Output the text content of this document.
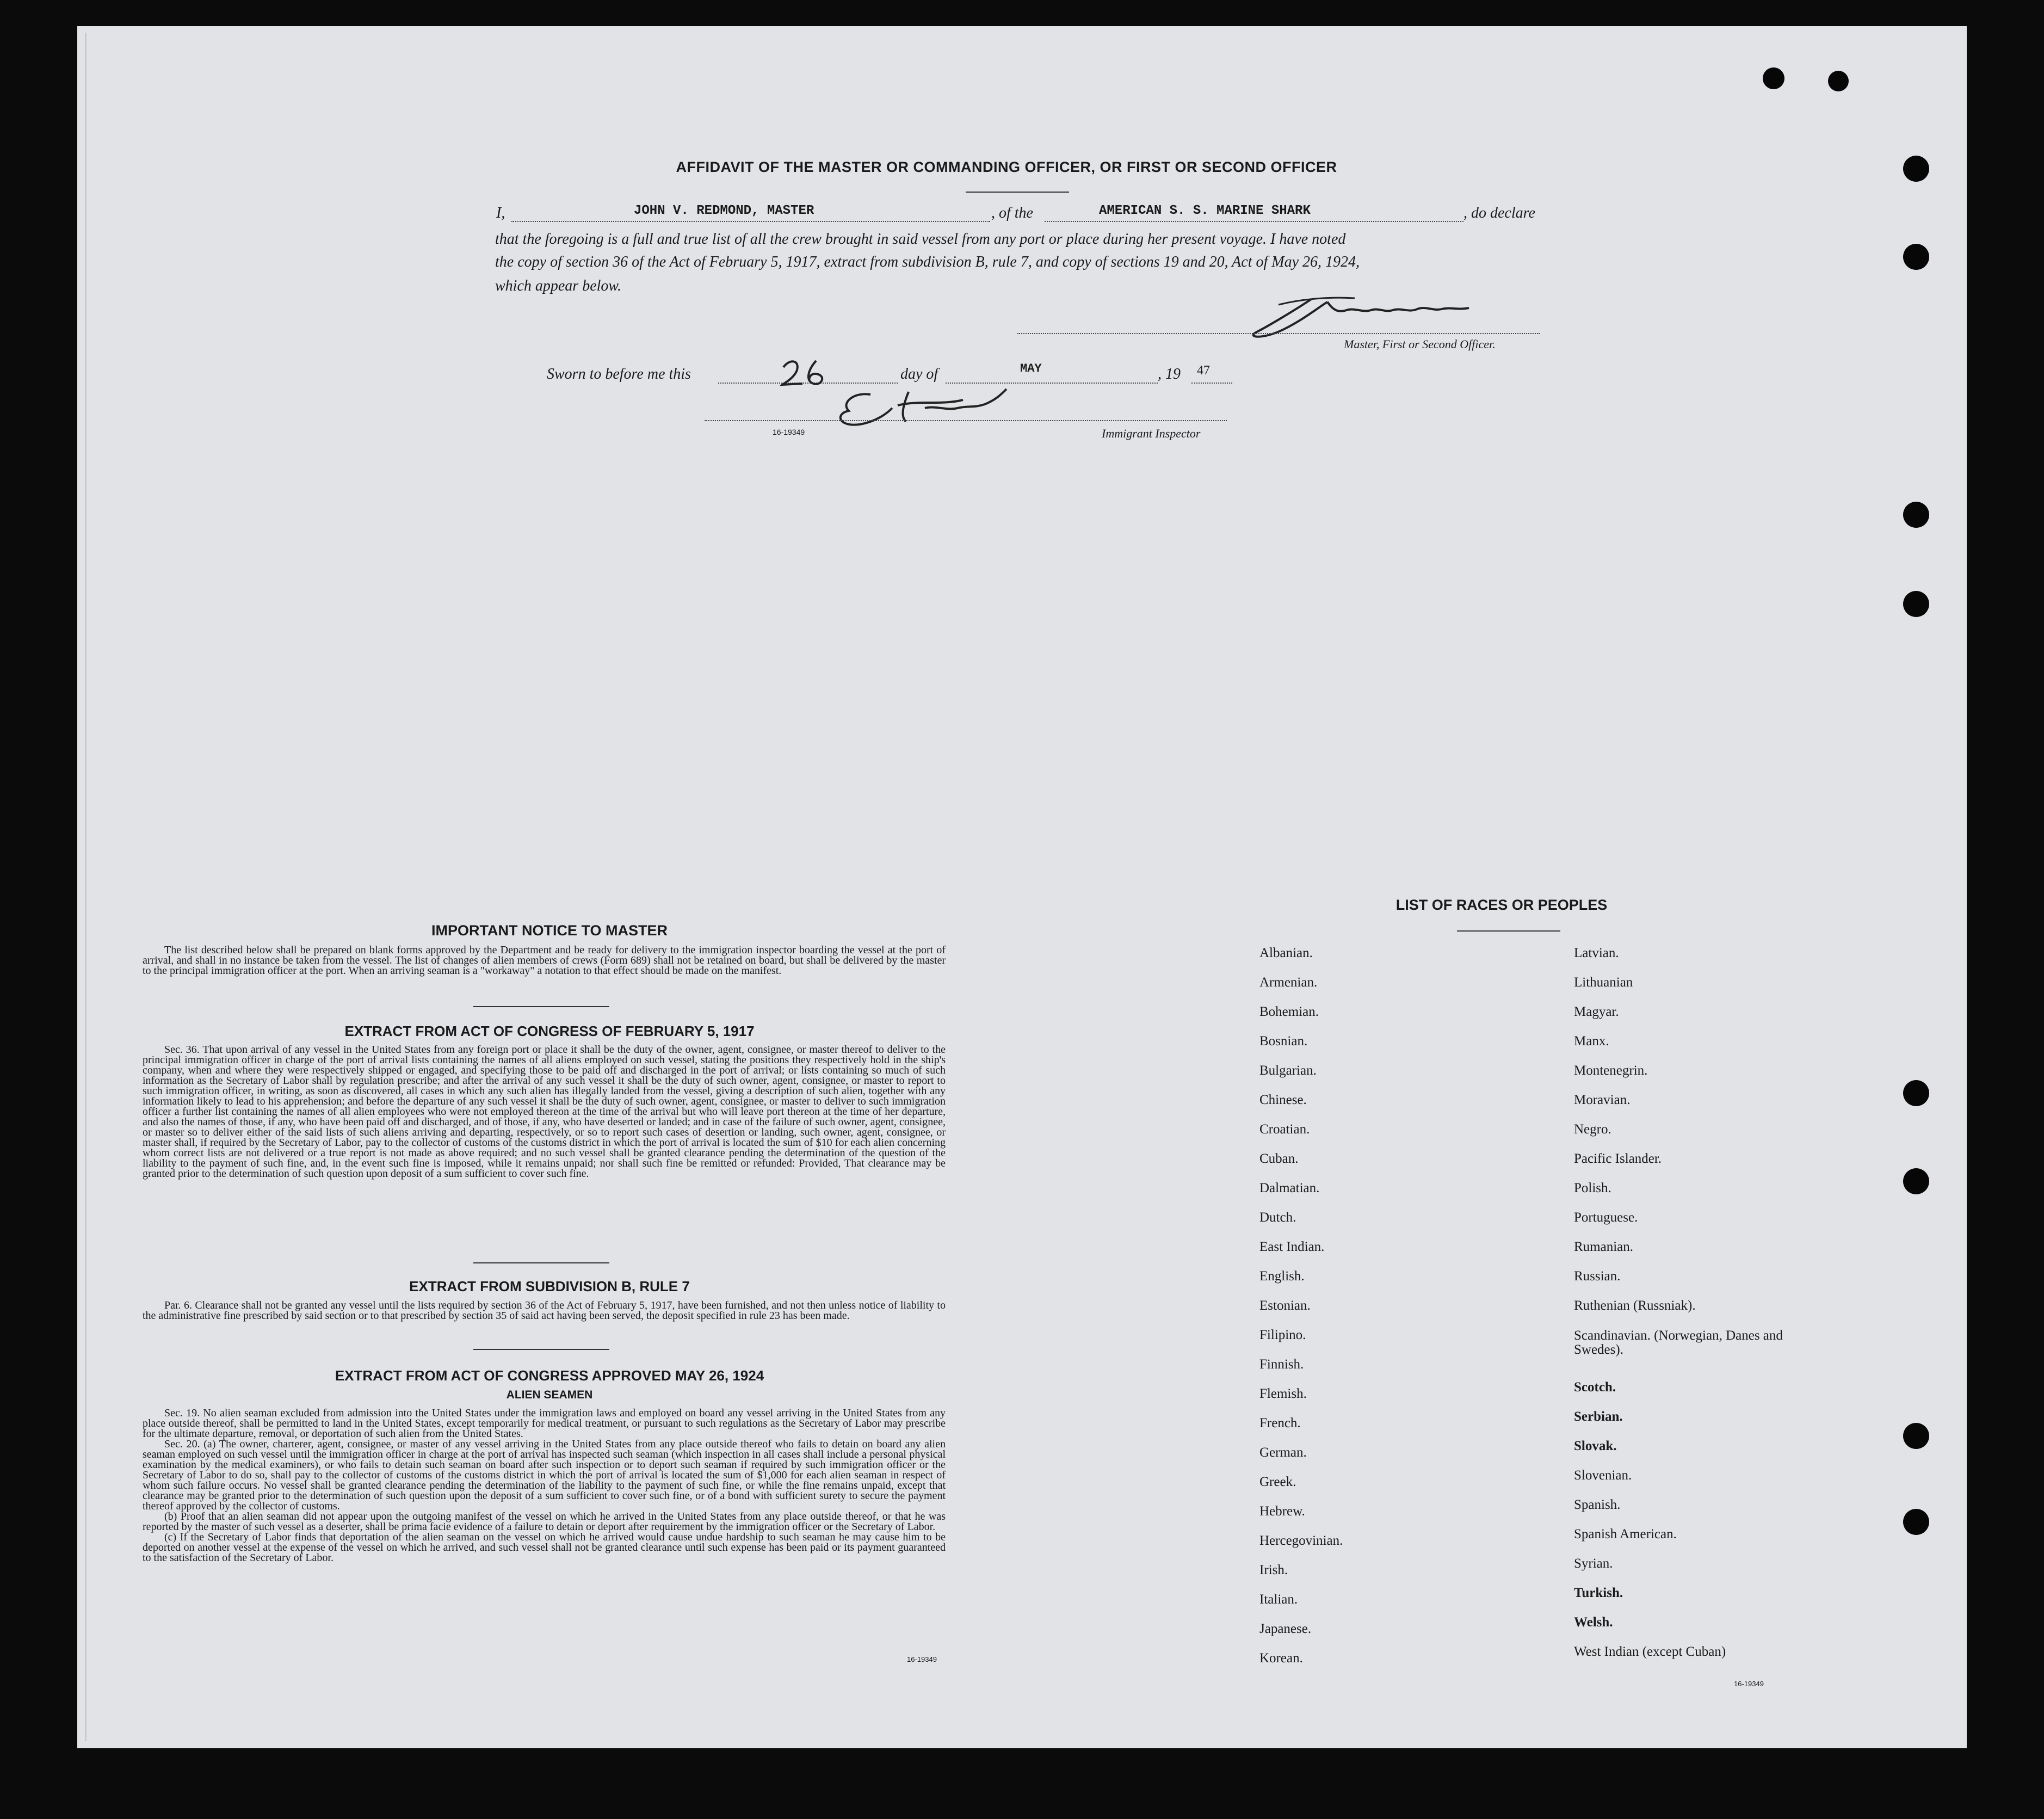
AFFIDAVIT OF THE MASTER OR COMMANDING OFFICER, OR FIRST OR SECOND OFFICER
I,	JOHN V. REDMOND, MASTER	, of the	AMERICAN S. S. MARINE SHARK	, do declare
that the foregoing is a full and true list of all the crew brought in said vessel from any port or place during her present voyage. I have noted
the copy of section 36 of the Act of February 5, 1917, extract from subdivision B, rule 7, and copy of sections 19 and 20, Act of May 26, 1924,
which appear below.
Master, First or Second Officer.
Sworn to before me this	day of	MAY	, 19 47
16-19349	Immigrant Inspector
IMPORTANT NOTICE TO MASTER

The list described below shall be prepared on blank forms approved by the Department and be ready for delivery to the immigration inspector boarding the vessel at the port of arrival, and shall in no instance be taken from the vessel. The list of changes of alien members of crews (Form 689) shall not be retained on board, but shall be delivered by the master to the principal immigration officer at the port. When an arriving seaman is a "workaway" a notation to that effect should be made on the manifest.

EXTRACT FROM ACT OF CONGRESS OF FEBRUARY 5, 1917

Sec. 36. That upon arrival of any vessel in the United States from any foreign port or place it shall be the duty of the owner, agent, consignee, or master thereof to deliver to the principal immigration officer in charge of the port of arrival lists containing the names of all aliens employed on such vessel, stating the positions they respectively hold in the ship's company, when and where they were respectively shipped or engaged, and specifying those to be paid off and discharged in the port of arrival; or lists containing so much of such information as the Secretary of Labor shall by regulation prescribe; and after the arrival of any such vessel it shall be the duty of such owner, agent, consignee, or master to report to such immigration officer, in writing, as soon as discovered, all cases in which any such alien has illegally landed from the vessel, giving a description of such alien, together with any information likely to lead to his apprehension; and before the departure of any such vessel it shall be the duty of such owner, agent, consignee, or master to deliver to such immigration officer a further list containing the names of all alien employees who were not employed thereon at the time of the arrival but who will leave port thereon at the time of her departure, and also the names of those, if any, who have been paid off and discharged, and of those, if any, who have deserted or landed; and in case of the failure of such owner, agent, consignee, or master so to deliver either of the said lists of such aliens arriving and departing, respectively, or so to report such cases of desertion or landing, such owner, agent, consignee, or master shall, if required by the Secretary of Labor, pay to the collector of customs of the customs district in which the port of arrival is located the sum of $10 for each alien concerning whom correct lists are not delivered or a true report is not made as above required; and no such vessel shall be granted clearance pending the determination of the question of the liability to the payment of such fine, and, in the event such fine is imposed, while it remains unpaid; nor shall such fine be remitted or refunded: Provided, That clearance may be granted prior to the determination of such question upon deposit of a sum sufficient to cover such fine.

EXTRACT FROM SUBDIVISION B, RULE 7

Par. 6. Clearance shall not be granted any vessel until the lists required by section 36 of the Act of February 5, 1917, have been furnished, and not then unless notice of liability to the administrative fine prescribed by said section or to that prescribed by section 35 of said act having been served, the deposit specified in rule 23 has been made.

EXTRACT FROM ACT OF CONGRESS APPROVED MAY 26, 1924
ALIEN SEAMEN

Sec. 19. No alien seaman excluded from admission into the United States under the immigration laws and employed on board any vessel arriving in the United States from any place outside thereof, shall be permitted to land in the United States, except temporarily for medical treatment, or pursuant to such regulations as the Secretary of Labor may prescribe for the ultimate departure, removal, or deportation of such alien from the United States.

Sec. 20. (a) The owner, charterer, agent, consignee, or master of any vessel arriving in the United States from any place outside thereof who fails to detain on board any alien seaman employed on such vessel until the immigration officer in charge at the port of arrival has inspected such seaman (which inspection in all cases shall include a personal physical examination by the medical examiners), or who fails to detain such seaman on board after such inspection or to deport such seaman if required by such immigration officer or the Secretary of Labor to do so, shall pay to the collector of customs of the customs district in which the port of arrival is located the sum of $1,000 for each alien seaman in respect of whom such failure occurs. No vessel shall be granted clearance pending the determination of the liability to the payment of such fine, or while the fine remains unpaid, except that clearance may be granted prior to the determination of such question upon the deposit of a sum sufficient to cover such fine, or of a bond with sufficient surety to secure the payment thereof approved by the collector of customs.

(b) Proof that an alien seaman did not appear upon the outgoing manifest of the vessel on which he arrived in the United States from any place outside thereof, or that he was reported by the master of such vessel as a deserter, shall be prima facie evidence of a failure to detain or deport after requirement by the immigration officer or the Secretary of Labor.

(c) If the Secretary of Labor finds that deportation of the alien seaman on the vessel on which he arrived would cause undue hardship to such seaman he may cause him to be deported on another vessel at the expense of the vessel on which he arrived, and such vessel shall not be granted clearance until such expense has been paid or its payment guaranteed to the satisfaction of the Secretary of Labor.

16-19349
LIST OF RACES OR PEOPLES
Albanian.
Armenian.
Bohemian.
Bosnian.
Bulgarian.
Chinese.
Croatian.
Cuban.
Dalmatian.
Dutch.
East Indian.
English.
Estonian.
Filipino.
Finnish.
Flemish.
French.
German.
Greek.
Hebrew.
Hercegovinian.
Irish.
Italian.
Japanese.
Korean.
Latvian.
Lithuanian
Magyar.
Manx.
Montenegrin.
Moravian.
Negro.
Pacific Islander.
Polish.
Portuguese.
Rumanian.
Russian.
Ruthenian (Russniak).
Scandinavian. (Norwegian, Danes and Swedes).
Scotch.
Serbian.
Slovak.
Slovenian.
Spanish.
Spanish American.
Syrian.
Turkish.
Welsh.
West Indian (except Cuban)
16-19349
